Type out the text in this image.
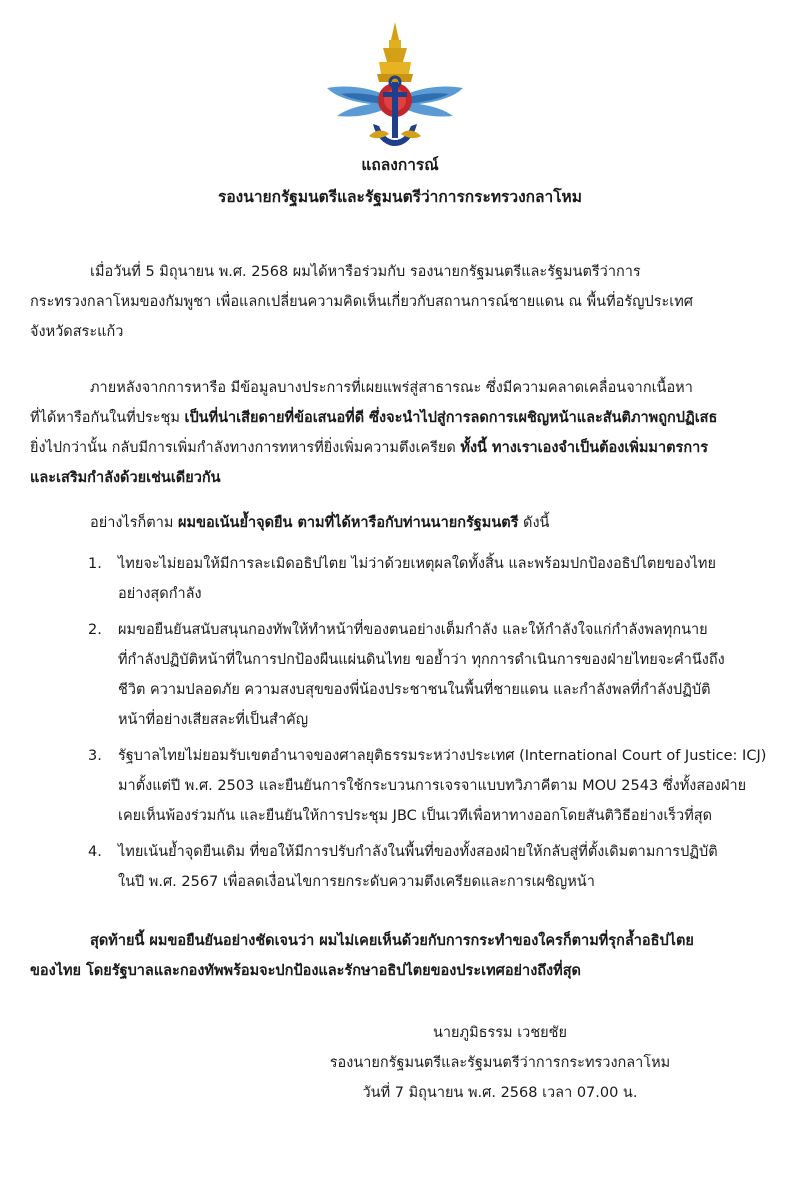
แถลงการณ์
รองนายกรัฐมนตรีและรัฐมนตรีว่าการกระทรวงกลาโหม
เมื่อวันที่ 5 มิถุนายน พ.ศ. 2568 ผมได้หารือร่วมกับ รองนายกรัฐมนตรีและรัฐมนตรีว่าการ
กระทรวงกลาโหมของกัมพูชา เพื่อแลกเปลี่ยนความคิดเห็นเกี่ยวกับสถานการณ์ชายแดน ณ พื้นที่อรัญประเทศ
จังหวัดสระแก้ว
ภายหลังจากการหารือ มีข้อมูลบางประการที่เผยแพร่สู่สาธารณะ ซึ่งมีความคลาดเคลื่อนจากเนื้อหา
ที่ได้หารือกันในที่ประชุม เป็นที่น่าเสียดายที่ข้อเสนอที่ดี ซึ่งจะนำไปสู่การลดการเผชิญหน้าและสันติภาพถูกปฏิเสธ
ยิ่งไปกว่านั้น กลับมีการเพิ่มกำลังทางการทหารที่ยิ่งเพิ่มความตึงเครียด ทั้งนี้ ทางเราเองจำเป็นต้องเพิ่มมาตรการ
และเสริมกำลังด้วยเช่นเดียวกัน
อย่างไรก็ตาม ผมขอเน้นย้ำจุดยืน ตามที่ได้หารือกับท่านนายกรัฐมนตรี ดังนี้
1. ไทยจะไม่ยอมให้มีการละเมิดอธิปไตย ไม่ว่าด้วยเหตุผลใดทั้งสิ้น และพร้อมปกป้องอธิปไตยของไทย
อย่างสุดกำลัง
2. ผมขอยืนยันสนับสนุนกองทัพให้ทำหน้าที่ของตนอย่างเต็มกำลัง และให้กำลังใจแก่กำลังพลทุกนาย
ที่กำลังปฏิบัติหน้าที่ในการปกป้องผืนแผ่นดินไทย ขอย้ำว่า ทุกการดำเนินการของฝ่ายไทยจะคำนึงถึง
ชีวิต ความปลอดภัย ความสงบสุขของพี่น้องประชาชนในพื้นที่ชายแดน และกำลังพลที่กำลังปฏิบัติ
หน้าที่อย่างเสียสละที่เป็นสำคัญ
3. รัฐบาลไทยไม่ยอมรับเขตอำนาจของศาลยุติธรรมระหว่างประเทศ (International Court of Justice: ICJ)
มาตั้งแต่ปี พ.ศ. 2503 และยืนยันการใช้กระบวนการเจรจาแบบทวิภาคีตาม MOU 2543 ซึ่งทั้งสองฝ่าย
เคยเห็นพ้องร่วมกัน และยืนยันให้การประชุม JBC เป็นเวทีเพื่อหาทางออกโดยสันติวิธีอย่างเร็วที่สุด
4. ไทยเน้นย้ำจุดยืนเดิม ที่ขอให้มีการปรับกำลังในพื้นที่ของทั้งสองฝ่ายให้กลับสู่ที่ตั้งเดิมตามการปฏิบัติ
ในปี พ.ศ. 2567 เพื่อลดเงื่อนไขการยกระดับความตึงเครียดและการเผชิญหน้า
สุดท้ายนี้ ผมขอยืนยันอย่างชัดเจนว่า ผมไม่เคยเห็นด้วยกับการกระทำของใครก็ตามที่รุกล้ำอธิปไตย
ของไทย โดยรัฐบาลและกองทัพพร้อมจะปกป้องและรักษาอธิปไตยของประเทศอย่างถึงที่สุด
นายภูมิธรรม เวชยชัย
รองนายกรัฐมนตรีและรัฐมนตรีว่าการกระทรวงกลาโหม
วันที่ 7 มิถุนายน พ.ศ. 2568 เวลา 07.00 น.
